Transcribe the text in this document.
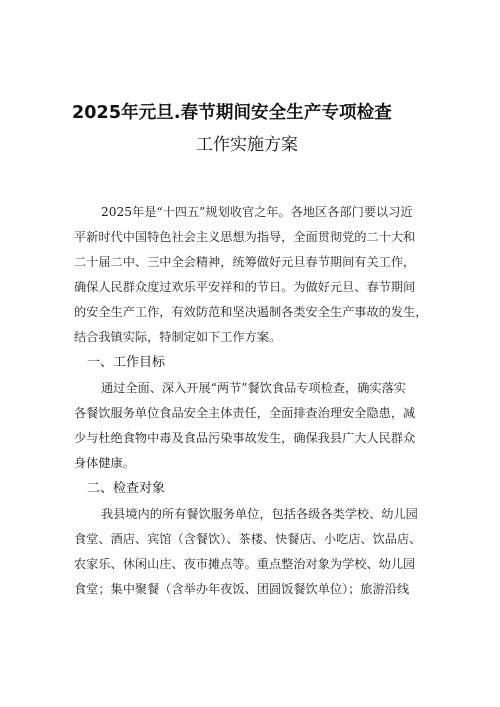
2025年元旦.春节期间安全生产专项检查
工作实施方案

2025年是“十四五”规划收官之年。各地区各部门要以习近

平新时代中国特色社会主义思想为指导，全面贯彻党的二十大和

二十届二中、三中全会精神，统筹做好元旦春节期间有关工作，

确保人民群众度过欢乐平安祥和的节日。为做好元旦、春节期间

的安全生产工作，有效防范和坚决遏制各类安全生产事故的发生，

结合我镇实际，特制定如下工作方案。

一、工作目标

通过全面、深入开展“两节”餐饮食品专项检查，确实落实

各餐饮服务单位食品安全主体责任，全面排查治理安全隐患，减

少与杜绝食物中毒及食品污染事故发生，确保我县广大人民群众

身体健康。

二、检查对象

我县境内的所有餐饮服务单位，包括各级各类学校、幼儿园

食堂、酒店、宾馆（含餐饮）、茶楼、快餐店、小吃店、饮品店、

农家乐、休闲山庄、夜市摊点等。重点整治对象为学校、幼儿园

食堂；集中聚餐（含举办年夜饭、团圆饭餐饮单位）；旅游沿线
